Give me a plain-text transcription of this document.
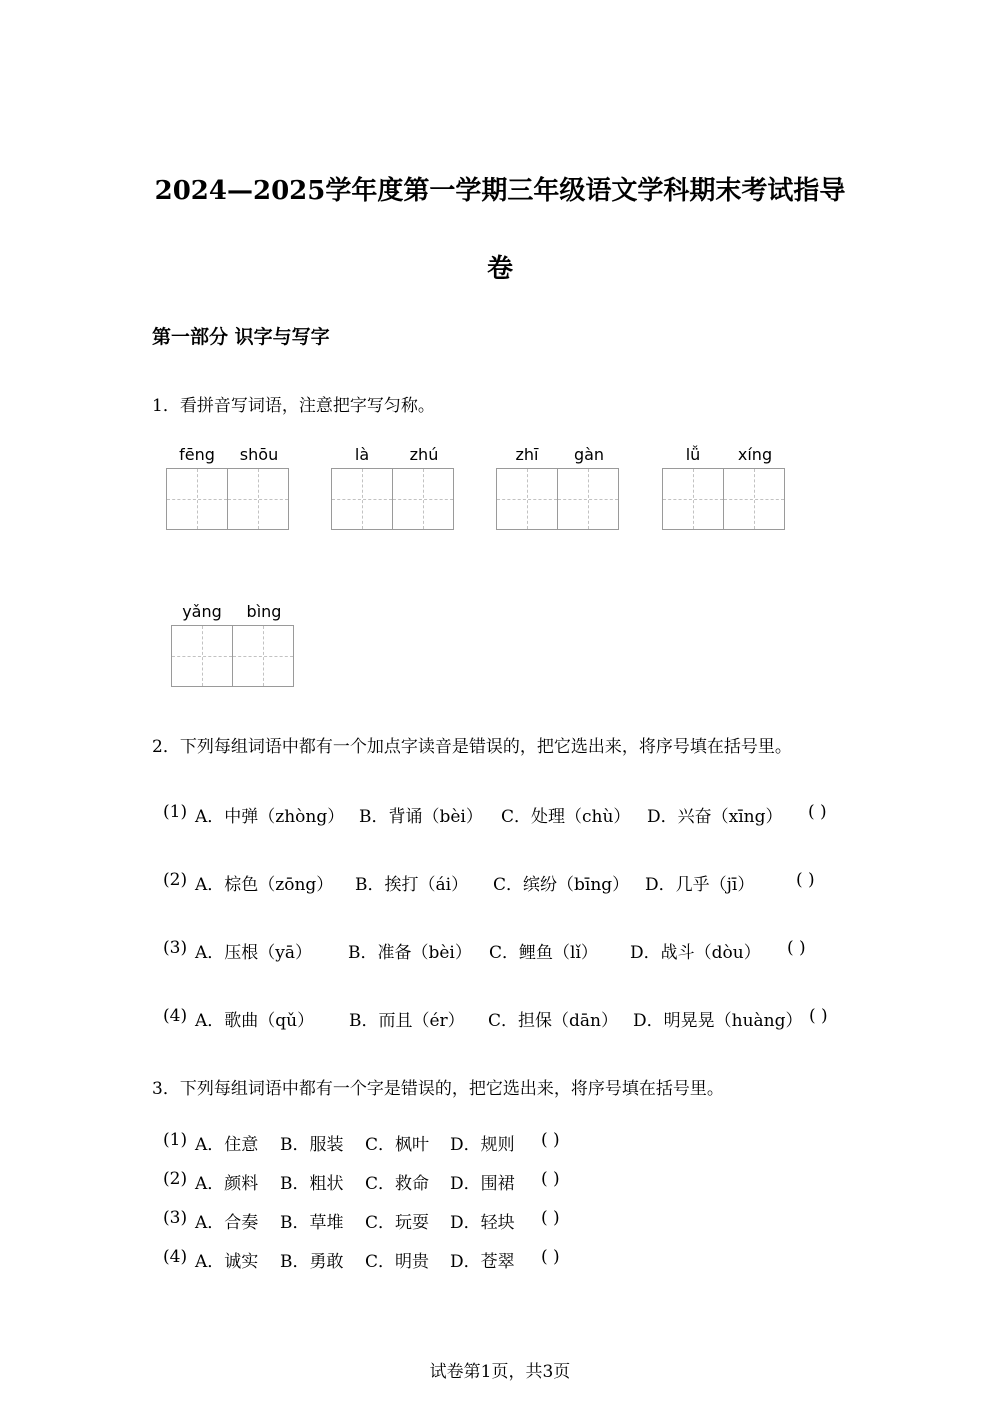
2024—2025学年度第一学期三年级语文学科期末考试指导
卷
第一部分 识字与写字
1．看拼音写词语，注意把字写匀称。
fēng	shōu	là	zhú	zhī	gàn	lǚ	xíng
yǎng	bìng
2．下列每组词语中都有一个加点字读音是错误的，把它选出来，将序号填在括号里。
(1) A．中弹（zhòng） B．背诵（bèi） C．处理（chù） D．兴奋（xīng） ( )
(2) A．棕色（zōng） B．挨打（ái） C．缤纷（bīng） D．几乎（jī） ( )
(3) A．压根（yā） B．准备（bèi） C．鲤鱼（lǐ） D．战斗（dòu） ( )
(4) A．歌曲（qǔ） B．而且（ér） C．担保（dān） D．明晃晃（huàng） ( )
3．下列每组词语中都有一个字是错误的，把它选出来，将序号填在括号里。
(1) A．住意 B．服装 C．枫叶 D．规则 ( )
(2) A．颜料 B．粗状 C．救命 D．围裙 ( )
(3) A．合奏 B．草堆 C．玩耍 D．轻块 ( )
(4) A．诚实 B．勇敢 C．明贵 D．苍翠 ( )
试卷第1页，共3页
